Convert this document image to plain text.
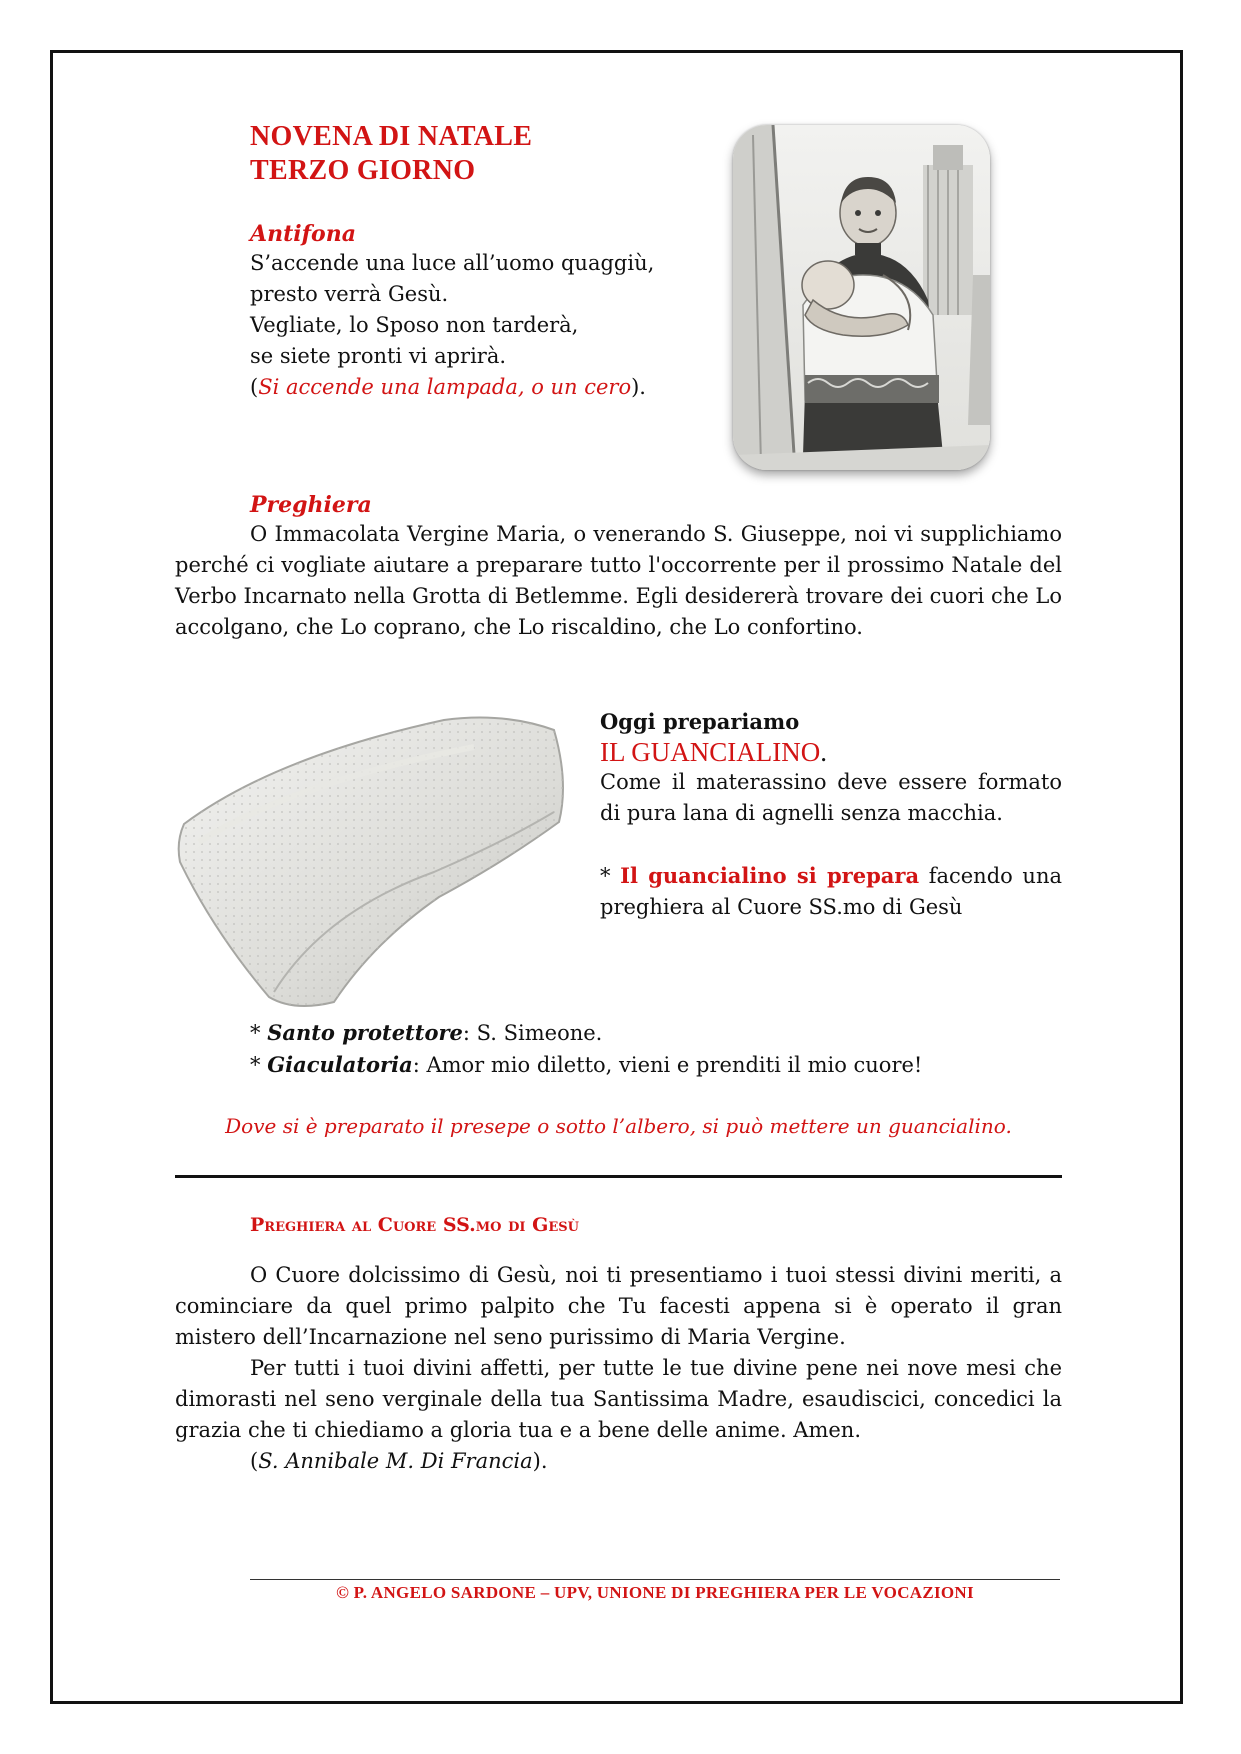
NOVENA DI NATALE
TERZO GIORNO
Antifona
S’accende una luce all’uomo quaggiù,
presto verrà Gesù.
Vegliate, lo Sposo non tarderà,
se siete pronti vi aprirà.
(Si accende una lampada, o un cero).
Preghiera
O Immacolata Vergine Maria, o venerando S. Giuseppe, noi vi supplichiamo perché ci vogliate aiutare a preparare tutto l'occorrente per il prossimo Natale del Verbo Incarnato nella Grotta di Betlemme. Egli desidererà trovare dei cuori che Lo accolgano, che Lo coprano, che Lo riscaldino, che Lo confortino.
Oggi prepariamo
IL GUANCIALINO.
Come il materassino deve essere formato di pura lana di agnelli senza macchia.
* Il guancialino si prepara facendo una preghiera al Cuore SS.mo di Gesù
* Santo protettore: S. Simeone.
* Giaculatoria: Amor mio diletto, vieni e prenditi il mio cuore!
Dove si è preparato il presepe o sotto l’albero, si può mettere un guancialino.
Preghiera al Cuore SS.mo di Gesù
O Cuore dolcissimo di Gesù, noi ti presentiamo i tuoi stessi divini meriti, a cominciare da quel primo palpito che Tu facesti appena si è operato il gran mistero dell’Incarnazione nel seno purissimo di Maria Vergine.
Per tutti i tuoi divini affetti, per tutte le tue divine pene nei nove mesi che dimorasti nel seno verginale della tua Santissima Madre, esaudiscici, concedici la grazia che ti chiediamo a gloria tua e a bene delle anime. Amen.
(S. Annibale M. Di Francia).
© P. ANGELO SARDONE – UPV, UNIONE DI PREGHIERA PER LE VOCAZIONI
